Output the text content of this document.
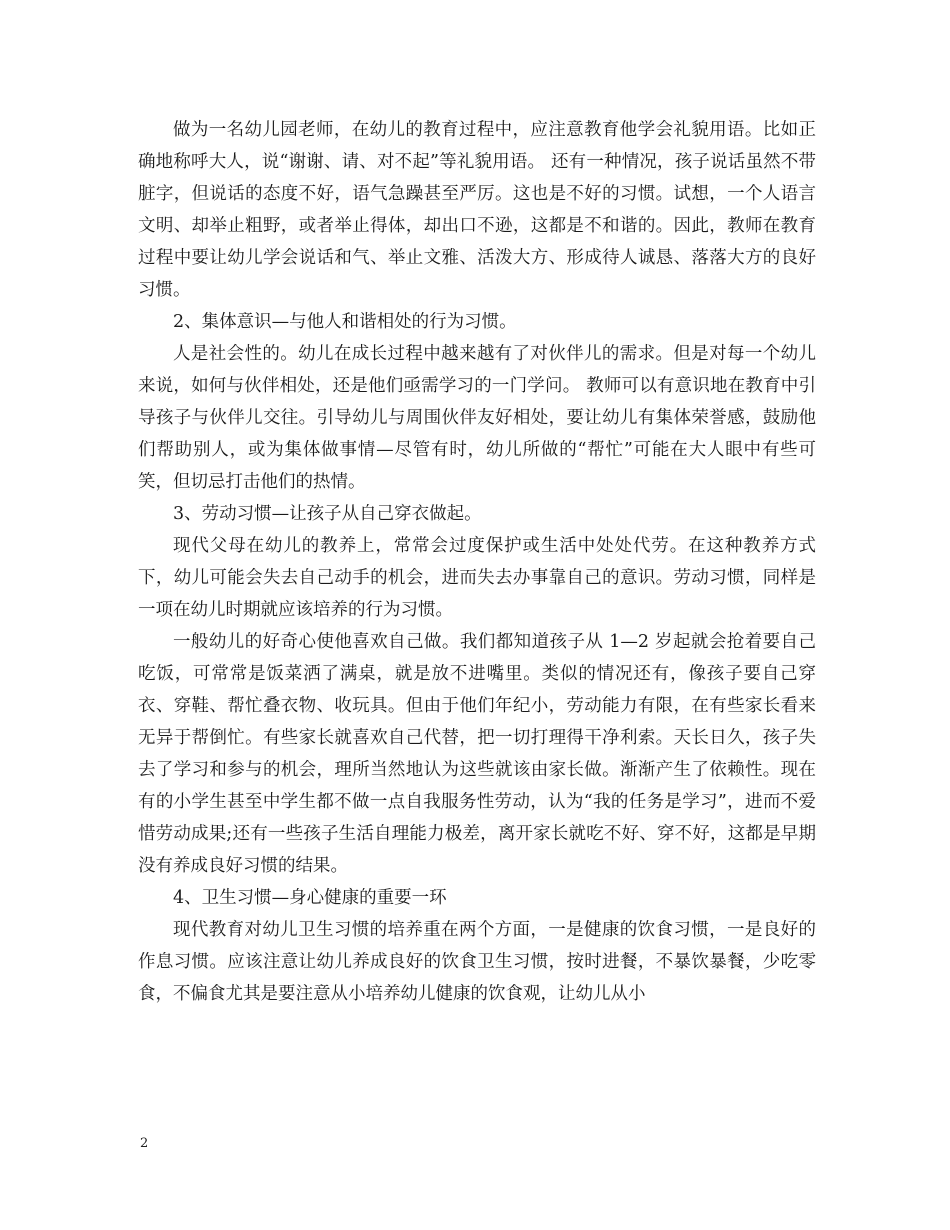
做为一名幼儿园老师，在幼儿的教育过程中，应注意教育他学会礼貌用语。比如正确地称呼大人，说“谢谢、请、对不起”等礼貌用语。 还有一种情况，孩子说话虽然不带脏字，但说话的态度不好，语气急躁甚至严厉。这也是不好的习惯。试想，一个人语言文明、却举止粗野，或者举止得体，却出口不逊，这都是不和谐的。因此，教师在教育过程中要让幼儿学会说话和气、举止文雅、活泼大方、形成待人诚恳、落落大方的良好习惯。

2、集体意识—与他人和谐相处的行为习惯。

人是社会性的。幼儿在成长过程中越来越有了对伙伴儿的需求。但是对每一个幼儿来说，如何与伙伴相处，还是他们亟需学习的一门学问。 教师可以有意识地在教育中引导孩子与伙伴儿交往。引导幼儿与周围伙伴友好相处，要让幼儿有集体荣誉感，鼓励他们帮助别人，或为集体做事情—尽管有时，幼儿所做的“帮忙”可能在大人眼中有些可笑，但切忌打击他们的热情。

3、劳动习惯—让孩子从自己穿衣做起。

现代父母在幼儿的教养上，常常会过度保护或生活中处处代劳。在这种教养方式下，幼儿可能会失去自己动手的机会，进而失去办事靠自己的意识。劳动习惯，同样是一项在幼儿时期就应该培养的行为习惯。

一般幼儿的好奇心使他喜欢自己做。我们都知道孩子从 1—2 岁起就会抢着要自己吃饭，可常常是饭菜洒了满桌，就是放不进嘴里。类似的情况还有，像孩子要自己穿衣、穿鞋、帮忙叠衣物、收玩具。但由于他们年纪小，劳动能力有限，在有些家长看来无异于帮倒忙。有些家长就喜欢自己代替，把一切打理得干净利索。天长日久，孩子失去了学习和参与的机会，理所当然地认为这些就该由家长做。渐渐产生了依赖性。现在有的小学生甚至中学生都不做一点自我服务性劳动，认为“我的任务是学习”，进而不爱惜劳动成果;还有一些孩子生活自理能力极差，离开家长就吃不好、穿不好，这都是早期没有养成良好习惯的结果。

4、卫生习惯—身心健康的重要一环

现代教育对幼儿卫生习惯的培养重在两个方面，一是健康的饮食习惯，一是良好的作息习惯。应该注意让幼儿养成良好的饮食卫生习惯，按时进餐，不暴饮暴餐，少吃零食，不偏食尤其是要注意从小培养幼儿健康的饮食观，让幼儿从小

2
